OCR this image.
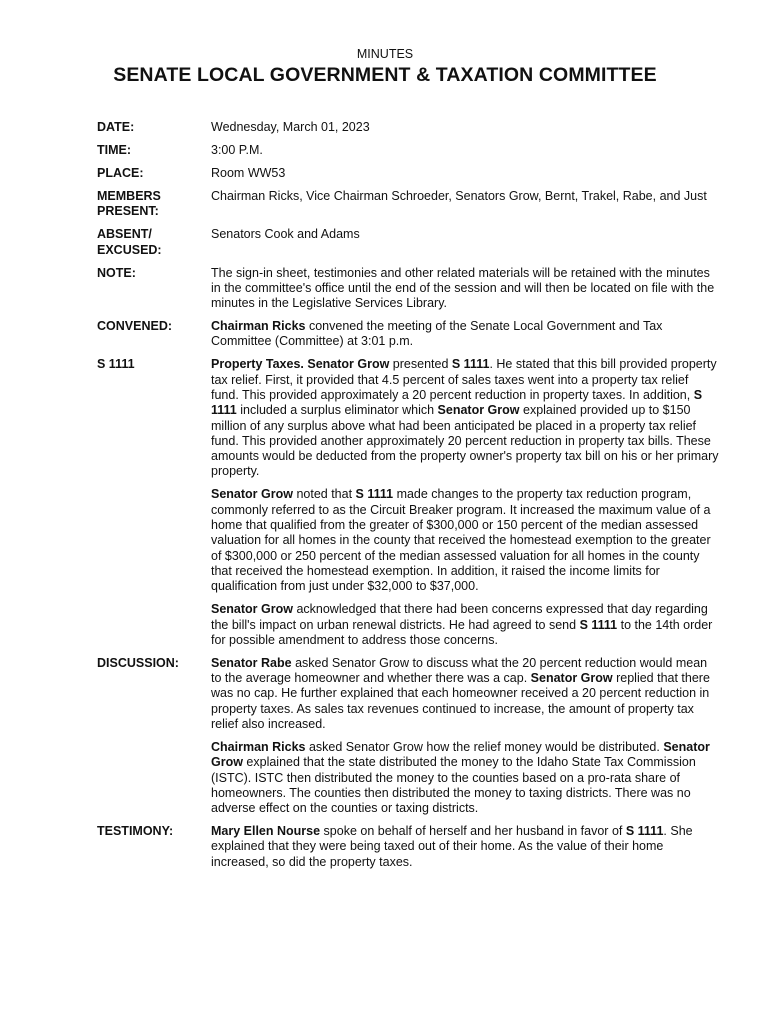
MINUTES
SENATE LOCAL GOVERNMENT & TAXATION COMMITTEE
DATE:	Wednesday, March 01, 2023

TIME:	3:00 P.M.

PLACE:	Room WW53

MEMBERS PRESENT:

Chairman Ricks, Vice Chairman Schroeder, Senators Grow, Bernt, Trakel, Rabe, and Just

ABSENT/ EXCUSED:

Senators Cook and Adams

NOTE:	The sign-in sheet, testimonies and other related materials will be retained with the minutes in the committee's office until the end of the session and will then be located on file with the minutes in the Legislative Services Library.

CONVENED:	Chairman Ricks convened the meeting of the Senate Local Government and Tax Committee (Committee) at 3:01 p.m.

S 1111	Property Taxes. Senator Grow presented S 1111. He stated that this bill provided property tax relief. First, it provided that 4.5 percent of sales taxes went into a property tax relief fund. This provided approximately a 20 percent reduction in property taxes. In addition, S 1111 included a surplus eliminator which Senator Grow explained provided up to $150 million of any surplus above what had been anticipated be placed in a property tax relief fund. This provided another approximately 20 percent reduction in property tax bills. These amounts would be deducted from the property owner's property tax bill on his or her primary property.

Senator Grow noted that S 1111 made changes to the property tax reduction program, commonly referred to as the Circuit Breaker program. It increased the maximum value of a home that qualified from the greater of $300,000 or 150 percent of the median assessed valuation for all homes in the county that received the homestead exemption to the greater of $300,000 or 250 percent of the median assessed valuation for all homes in the county that received the homestead exemption. In addition, it raised the income limits for qualification from just under $32,000 to $37,000.

Senator Grow acknowledged that there had been concerns expressed that day regarding the bill's impact on urban renewal districts. He had agreed to send S 1111 to the 14th order for possible amendment to address those concerns.

DISCUSSION:	Senator Rabe asked Senator Grow to discuss what the 20 percent reduction would mean to the average homeowner and whether there was a cap. Senator Grow replied that there was no cap. He further explained that each homeowner received a 20 percent reduction in property taxes. As sales tax revenues continued to increase, the amount of property tax relief also increased.

Chairman Ricks asked Senator Grow how the relief money would be distributed. Senator Grow explained that the state distributed the money to the Idaho State Tax Commission (ISTC). ISTC then distributed the money to the counties based on a pro-rata share of homeowners. The counties then distributed the money to taxing districts. There was no adverse effect on the counties or taxing districts.

TESTIMONY:	Mary Ellen Nourse spoke on behalf of herself and her husband in favor of S 1111. She explained that they were being taxed out of their home. As the value of their home increased, so did the property taxes.
